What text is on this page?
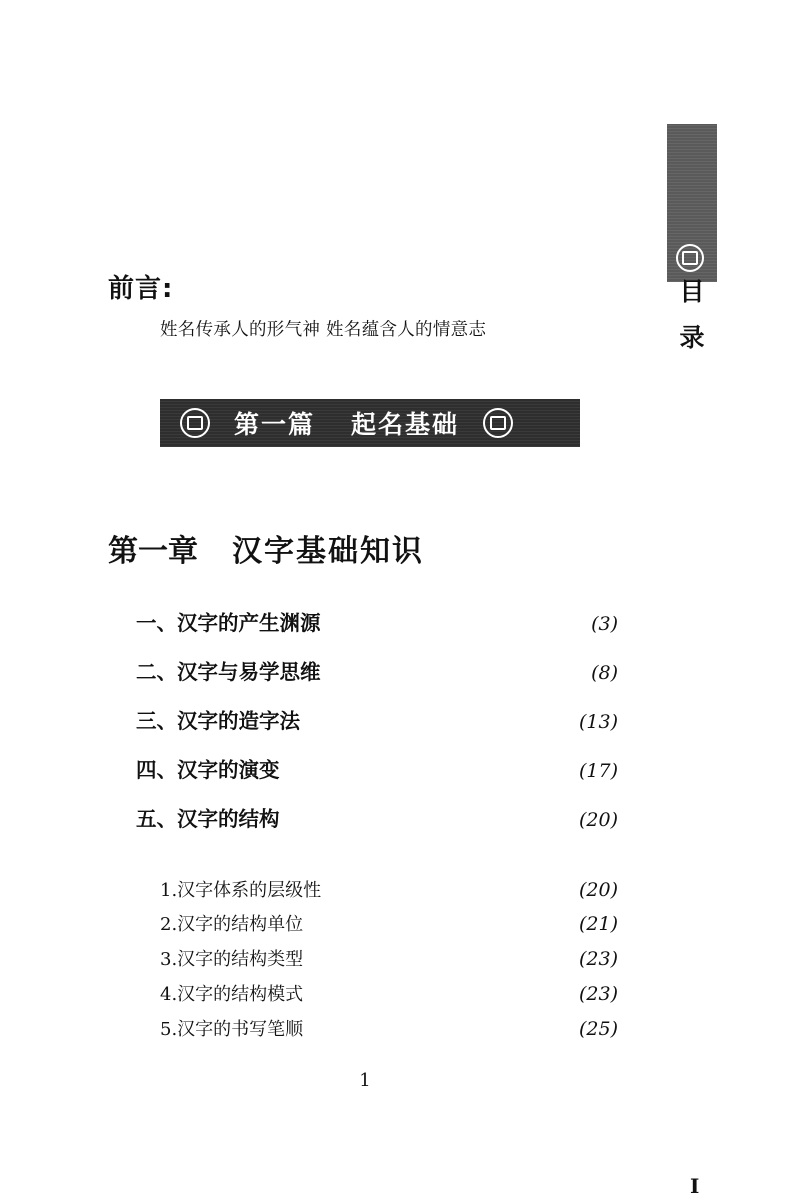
目
录
前言:
姓名传承人的形气神 姓名蕴含人的情意志
第一篇 起名基础
第一章 汉字基础知识
一、汉字的产生渊源	(3)
二、汉字与易学思维	(8)
三、汉字的造字法	(13)
四、汉字的演变	(17)
五、汉字的结构	(20)
1.汉字体系的层级性	(20)
2.汉字的结构单位	(21)
3.汉字的结构类型	(23)
4.汉字的结构模式	(23)
5.汉字的书写笔顺	(25)
1
I
